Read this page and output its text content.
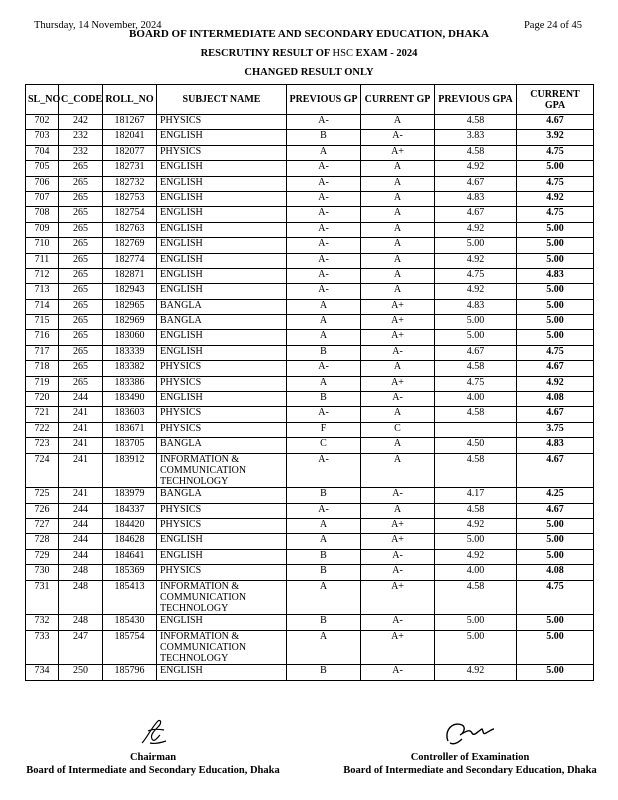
Thursday, 14 November, 2024	Page 24 of 45
BOARD OF INTERMEDIATE AND SECONDARY EDUCATION, DHAKA
RESCRUTINY RESULT OF HSC EXAM - 2024
CHANGED RESULT ONLY
SL_NO	C_CODE	ROLL_NO	SUBJECT NAME	PREVIOUS GP	CURRENT GP	PREVIOUS GPA	CURRENT GPA
702	242	181267	PHYSICS	A-	A	4.58	4.67
703	232	182041	ENGLISH	B	A-	3.83	3.92
704	232	182077	PHYSICS	A	A+	4.58	4.75
705	265	182731	ENGLISH	A-	A	4.92	5.00
706	265	182732	ENGLISH	A-	A	4.67	4.75
707	265	182753	ENGLISH	A-	A	4.83	4.92
708	265	182754	ENGLISH	A-	A	4.67	4.75
709	265	182763	ENGLISH	A-	A	4.92	5.00
710	265	182769	ENGLISH	A-	A	5.00	5.00
711	265	182774	ENGLISH	A-	A	4.92	5.00
712	265	182871	ENGLISH	A-	A	4.75	4.83
713	265	182943	ENGLISH	A-	A	4.92	5.00
714	265	182965	BANGLA	A	A+	4.83	5.00
715	265	182969	BANGLA	A	A+	5.00	5.00
716	265	183060	ENGLISH	A	A+	5.00	5.00
717	265	183339	ENGLISH	B	A-	4.67	4.75
718	265	183382	PHYSICS	A-	A	4.58	4.67
719	265	183386	PHYSICS	A	A+	4.75	4.92
720	244	183490	ENGLISH	B	A-	4.00	4.08
721	241	183603	PHYSICS	A-	A	4.58	4.67
722	241	183671	PHYSICS	F	C		3.75
723	241	183705	BANGLA	C	A	4.50	4.83
724	241	183912	INFORMATION & COMMUNICATION TECHNOLOGY	A-	A	4.58	4.67
725	241	183979	BANGLA	B	A-	4.17	4.25
726	244	184337	PHYSICS	A-	A	4.58	4.67
727	244	184420	PHYSICS	A	A+	4.92	5.00
728	244	184628	ENGLISH	A	A+	5.00	5.00
729	244	184641	ENGLISH	B	A-	4.92	5.00
730	248	185369	PHYSICS	B	A-	4.00	4.08
731	248	185413	INFORMATION & COMMUNICATION TECHNOLOGY	A	A+	4.58	4.75
732	248	185430	ENGLISH	B	A-	5.00	5.00
733	247	185754	INFORMATION & COMMUNICATION TECHNOLOGY	A	A+	5.00	5.00
734	250	185796	ENGLISH	B	A-	4.92	5.00
Chairman
Board of Intermediate and Secondary Education, Dhaka
Controller of Examination
Board of Intermediate and Secondary Education, Dhaka
